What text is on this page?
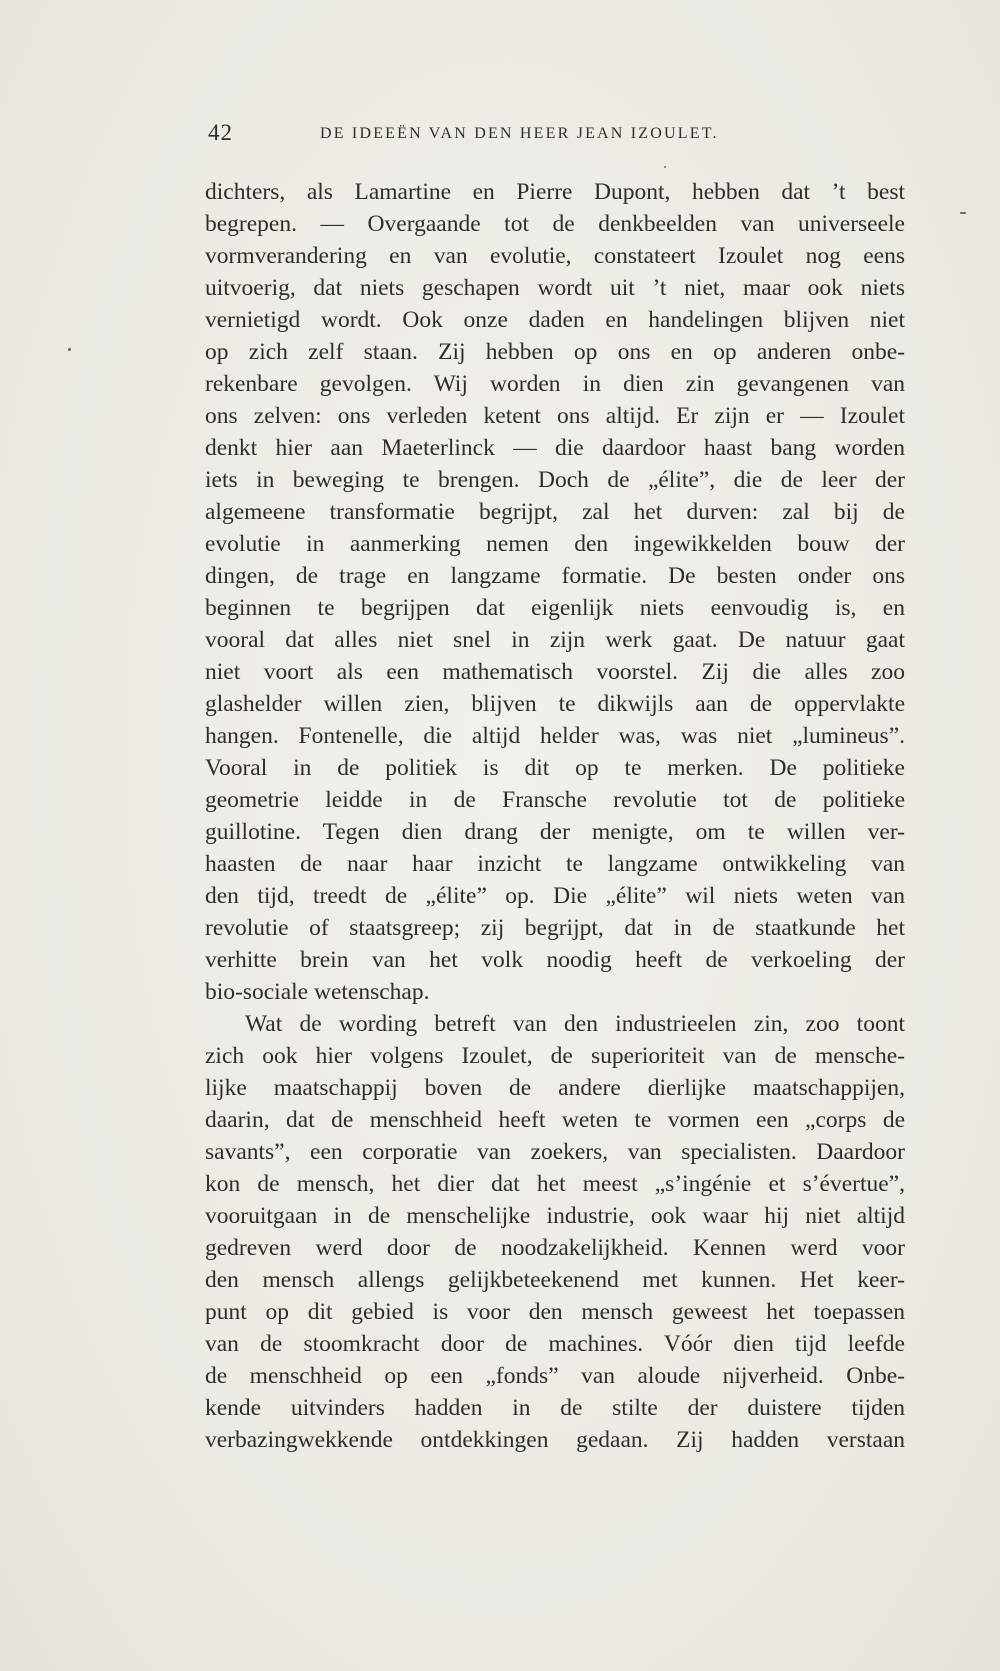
42	DE IDEEËN VAN DEN HEER JEAN IZOULET.
dichters, als Lamartine en Pierre Dupont, hebben dat ’t best
begrepen. — Overgaande tot de denkbeelden van universeele
vormverandering en van evolutie, constateert Izoulet nog eens
uitvoerig, dat niets geschapen wordt uit ’t niet, maar ook niets
vernietigd wordt. Ook onze daden en handelingen blijven niet
op zich zelf staan. Zij hebben op ons en op anderen onbe-
rekenbare gevolgen. Wij worden in dien zin gevangenen van
ons zelven: ons verleden ketent ons altijd. Er zijn er — Izoulet
denkt hier aan Maeterlinck — die daardoor haast bang worden
iets in beweging te brengen. Doch de „élite”, die de leer der
algemeene transformatie begrijpt, zal het durven: zal bij de
evolutie in aanmerking nemen den ingewikkelden bouw der
dingen, de trage en langzame formatie. De besten onder ons
beginnen te begrijpen dat eigenlijk niets eenvoudig is, en
vooral dat alles niet snel in zijn werk gaat. De natuur gaat
niet voort als een mathematisch voorstel. Zij die alles zoo
glashelder willen zien, blijven te dikwijls aan de oppervlakte
hangen. Fontenelle, die altijd helder was, was niet „lumineus”.
Vooral in de politiek is dit op te merken. De politieke
geometrie leidde in de Fransche revolutie tot de politieke
guillotine. Tegen dien drang der menigte, om te willen ver-
haasten de naar haar inzicht te langzame ontwikkeling van
den tijd, treedt de „élite” op. Die „élite” wil niets weten van
revolutie of staatsgreep; zij begrijpt, dat in de staatkunde het
verhitte brein van het volk noodig heeft de verkoeling der
bio-sociale wetenschap.
Wat de wording betreft van den industrieelen zin, zoo toont
zich ook hier volgens Izoulet, de superioriteit van de mensche-
lijke maatschappij boven de andere dierlijke maatschappijen,
daarin, dat de menschheid heeft weten te vormen een „corps de
savants”, een corporatie van zoekers, van specialisten. Daardoor
kon de mensch, het dier dat het meest „s’ingénie et s’évertue”,
vooruitgaan in de menschelijke industrie, ook waar hij niet altijd
gedreven werd door de noodzakelijkheid. Kennen werd voor
den mensch allengs gelijkbeteekenend met kunnen. Het keer-
punt op dit gebied is voor den mensch geweest het toepassen
van de stoomkracht door de machines. Vóór dien tijd leefde
de menschheid op een „fonds” van aloude nijverheid. Onbe-
kende uitvinders hadden in de stilte der duistere tijden
verbazingwekkende ontdekkingen gedaan. Zij hadden verstaan
